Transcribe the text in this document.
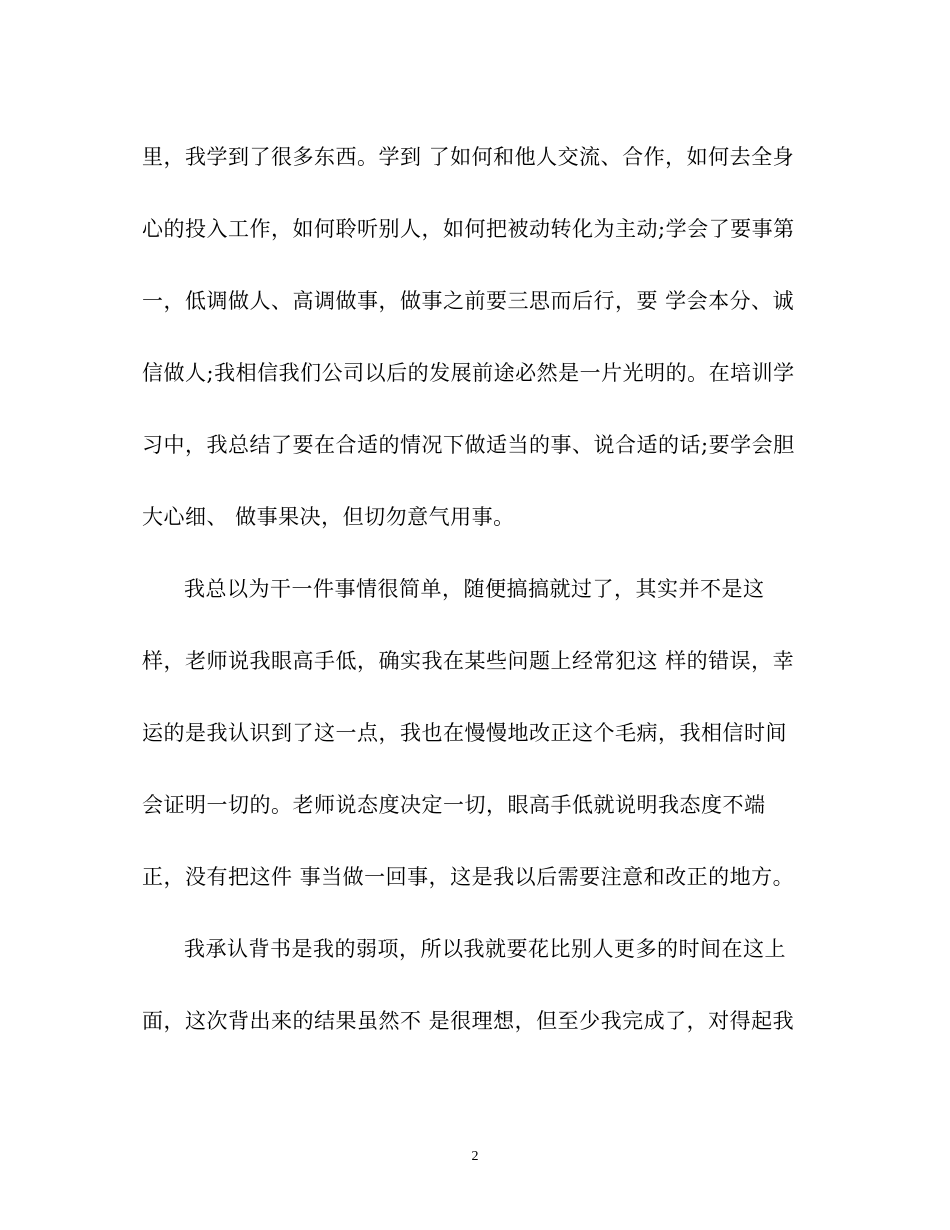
里，我学到了很多东西。学到 了如何和他人交流、合作，如何去全身
心的投入工作，如何聆听别人，如何把被动转化为主动;学会了要事第
一，低调做人、高调做事，做事之前要三思而后行，要 学会本分、诚
信做人;我相信我们公司以后的发展前途必然是一片光明的。在培训学
习中，我总结了要在合适的情况下做适当的事、说合适的话;要学会胆
大心细、 做事果决，但切勿意气用事。
我总以为干一件事情很简单，随便搞搞就过了，其实并不是这
样，老师说我眼高手低，确实我在某些问题上经常犯这 样的错误，幸
运的是我认识到了这一点，我也在慢慢地改正这个毛病，我相信时间
会证明一切的。老师说态度决定一切，眼高手低就说明我态度不端
正，没有把这件 事当做一回事，这是我以后需要注意和改正的地方。
我承认背书是我的弱项，所以我就要花比别人更多的时间在这上
面，这次背出来的结果虽然不 是很理想，但至少我完成了，对得起我
2
